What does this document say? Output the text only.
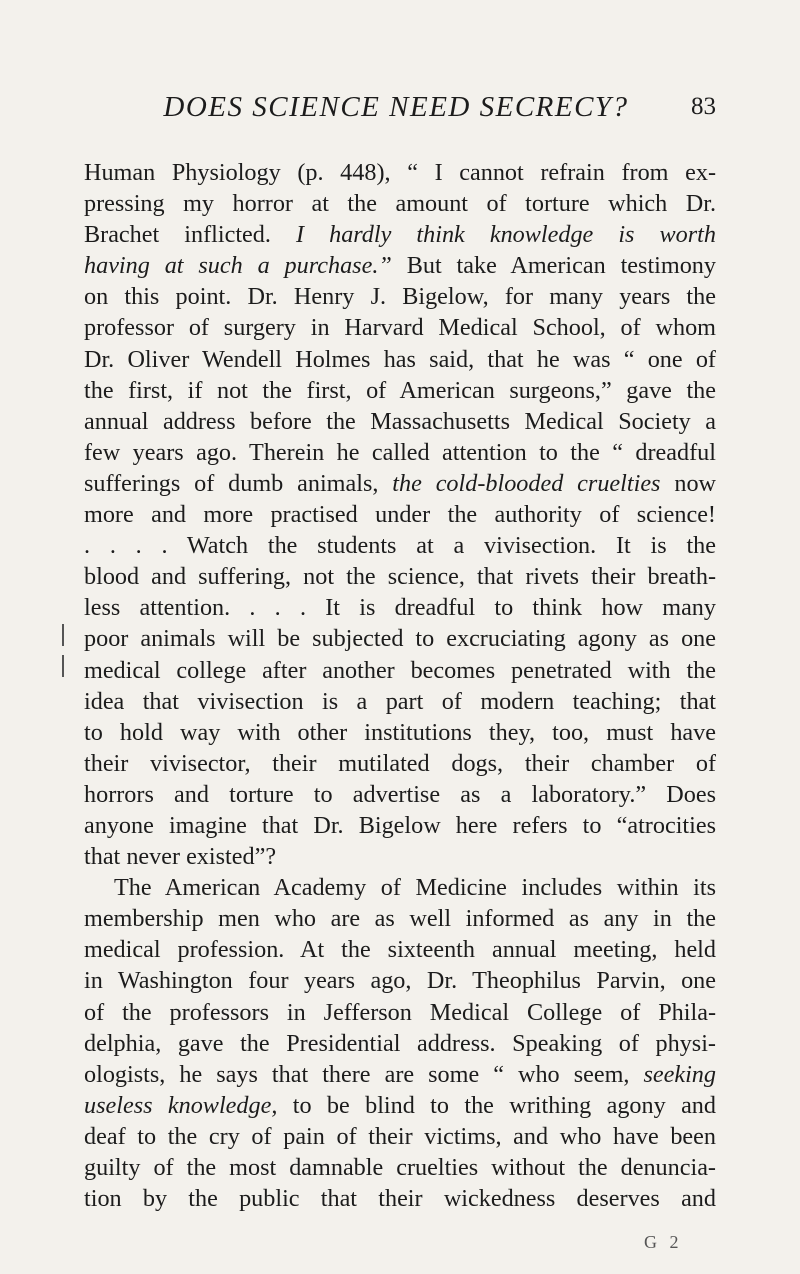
DOES SCIENCE NEED SECRECY?	83
Human Physiology (p. 448), “ I cannot refrain from ex-
pressing my horror at the amount of torture which Dr.
Brachet inflicted. I hardly think knowledge is worth
having at such a purchase.” But take American testimony
on this point. Dr. Henry J. Bigelow, for many years the
professor of surgery in Harvard Medical School, of whom
Dr. Oliver Wendell Holmes has said, that he was “ one of
the first, if not the first, of American surgeons,” gave the
annual address before the Massachusetts Medical Society a
few years ago. Therein he called attention to the “ dreadful
sufferings of dumb animals, the cold-blooded cruelties now
more and more practised under the authority of science!
. . . . Watch the students at a vivisection. It is the
blood and suffering, not the science, that rivets their breath-
less attention. . . . It is dreadful to think how many
poor animals will be subjected to excruciating agony as one
medical college after another becomes penetrated with the
idea that vivisection is a part of modern teaching; that
to hold way with other institutions they, too, must have
their vivisector, their mutilated dogs, their chamber of
horrors and torture to advertise as a laboratory.” Does
anyone imagine that Dr. Bigelow here refers to “atrocities
that never existed”?
The American Academy of Medicine includes within its
membership men who are as well informed as any in the
medical profession. At the sixteenth annual meeting, held
in Washington four years ago, Dr. Theophilus Parvin, one
of the professors in Jefferson Medical College of Phila-
delphia, gave the Presidential address. Speaking of physi-
ologists, he says that there are some “ who seem, seeking
useless knowledge, to be blind to the writhing agony and
deaf to the cry of pain of their victims, and who have been
guilty of the most damnable cruelties without the denuncia-
tion by the public that their wickedness deserves and
G 2
